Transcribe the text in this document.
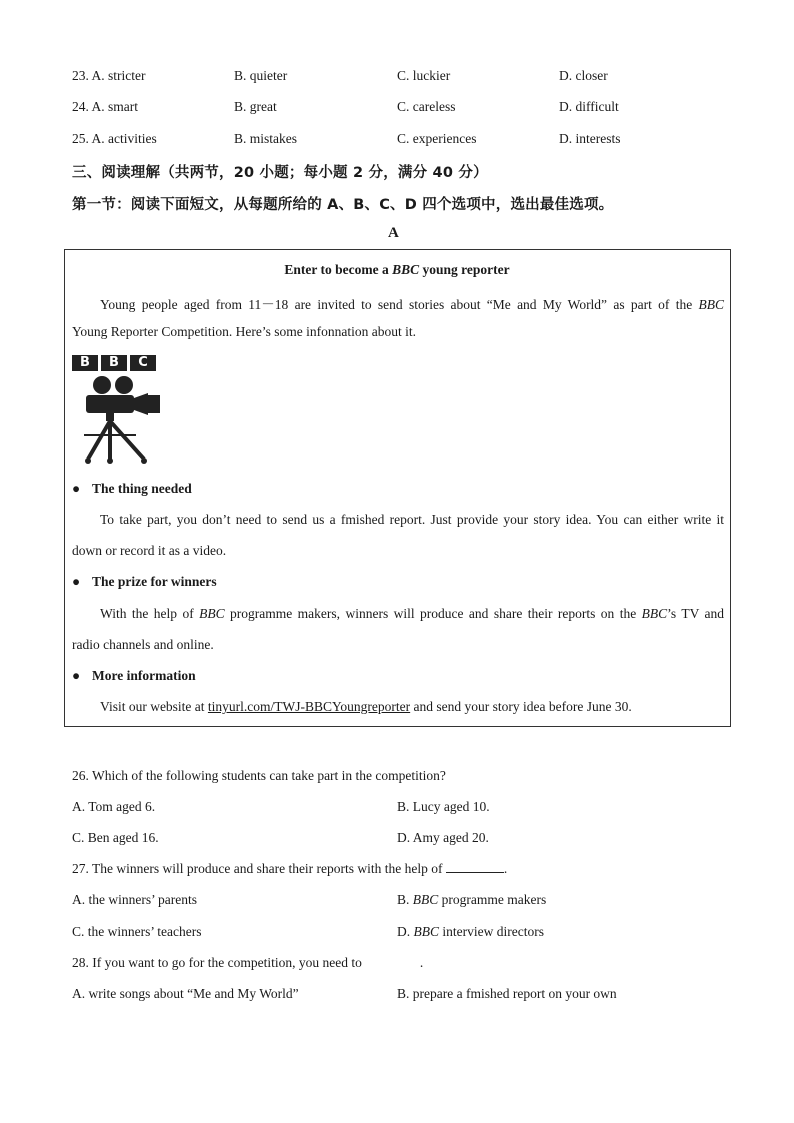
23. A. stricter	B. quieter	C. luckier	D. closer
24. A. smart	B. great	C. careless	D. difficult
25. A. activities	B. mistakes	C. experiences	D. interests
三、阅读理解（共两节，20 小题；每小题 2 分，满分 40 分）
第一节：阅读下面短文，从每题所给的 A、B、C、D 四个选项中，选出最佳选项。
A
Enter to become a BBC young reporter
Young people aged from 11－18 are invited to send stories about “Me and My World” as part of the BBC
Young Reporter Competition. Here’s some infonnation about it.
B	B	C
● The thing needed
To take part, you don’t need to send us a fmished report. Just provide your story idea. You can either write it
down or record it as a video.
● The prize for winners
With the help of BBC programme makers, winners will produce and share their reports on the BBC’s TV and
radio channels and online.
● More information
Visit our website at tinyurl.com/TWJ-BBCYoungreporter and send your story idea before June 30.
26. Which of the following students can take part in the competition?
A. Tom aged 6.	B. Lucy aged 10.
C. Ben aged 16.	D. Amy aged 20.
27. The winners will produce and share their reports with the help of	.
A. the winners’ parents	B. BBC programme makers
C. the winners’ teachers	D. BBC interview directors
28. If you want to go for the competition, you need to	.
A. write songs about “Me and My World”	B. prepare a fmished report on your own
